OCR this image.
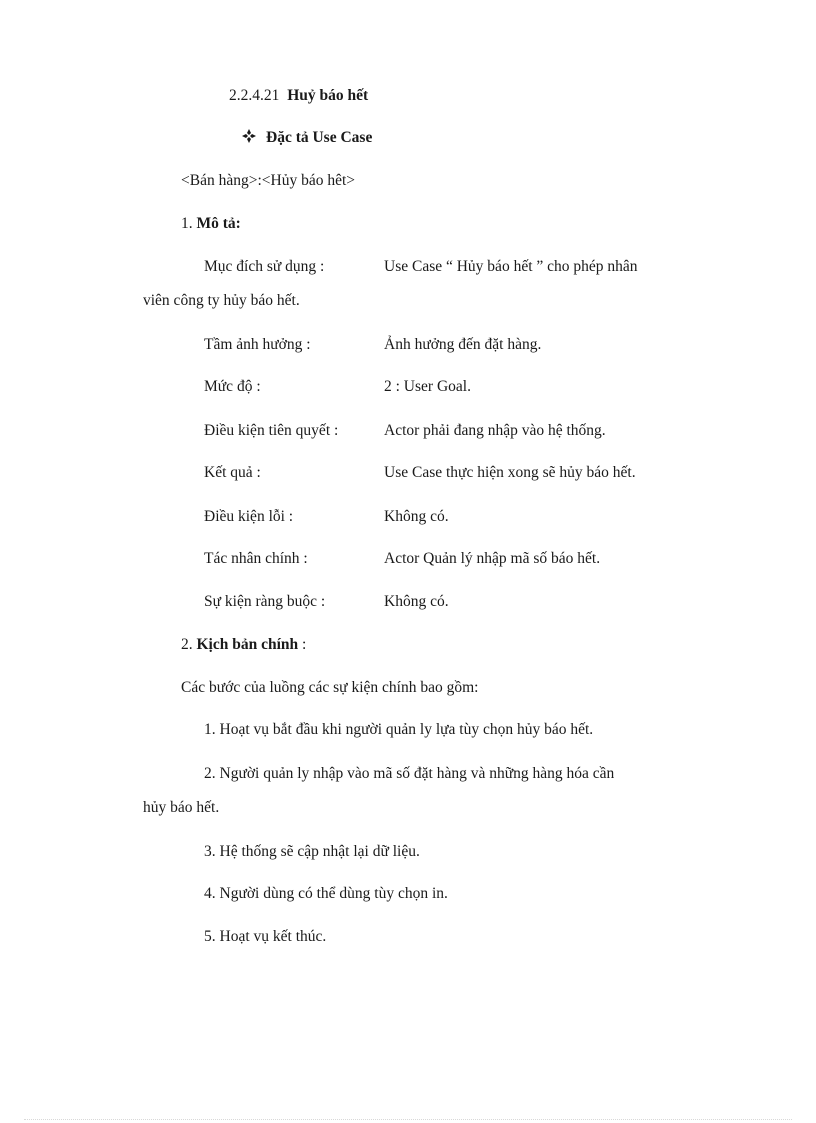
2.2.4.21 Huỷ báo hết
Đặc tả Use Case
<Bán hàng>:<Hủy báo hêt>
1. Mô tả:
Mục đích sử dụng :	Use Case “ Hủy báo hết ” cho phép nhân
viên công ty hủy báo hết.
Tầm ảnh hưởng :	Ảnh hưởng đến đặt hàng.
Mức độ :	2 : User Goal.
Điều kiện tiên quyết :	Actor phải đang nhập vào hệ thống.
Kết quả :	Use Case thực hiện xong sẽ hủy báo hết.
Điều kiện lỗi :	Không có.
Tác nhân chính :	Actor Quản lý nhập mã số báo hết.
Sự kiện ràng buộc :	Không có.
2. Kịch bản chính :
Các bước của luồng các sự kiện chính bao gồm:
1. Hoạt vụ bắt đầu khi người quản ly lựa tùy chọn hủy báo hết.
2. Người quản ly nhập vào mã số đặt hàng và những hàng hóa cần
hủy báo hết.
3. Hệ thống sẽ cập nhật lại dữ liệu.
4. Người dùng có thể dùng tùy chọn in.
5. Hoạt vụ kết thúc.
